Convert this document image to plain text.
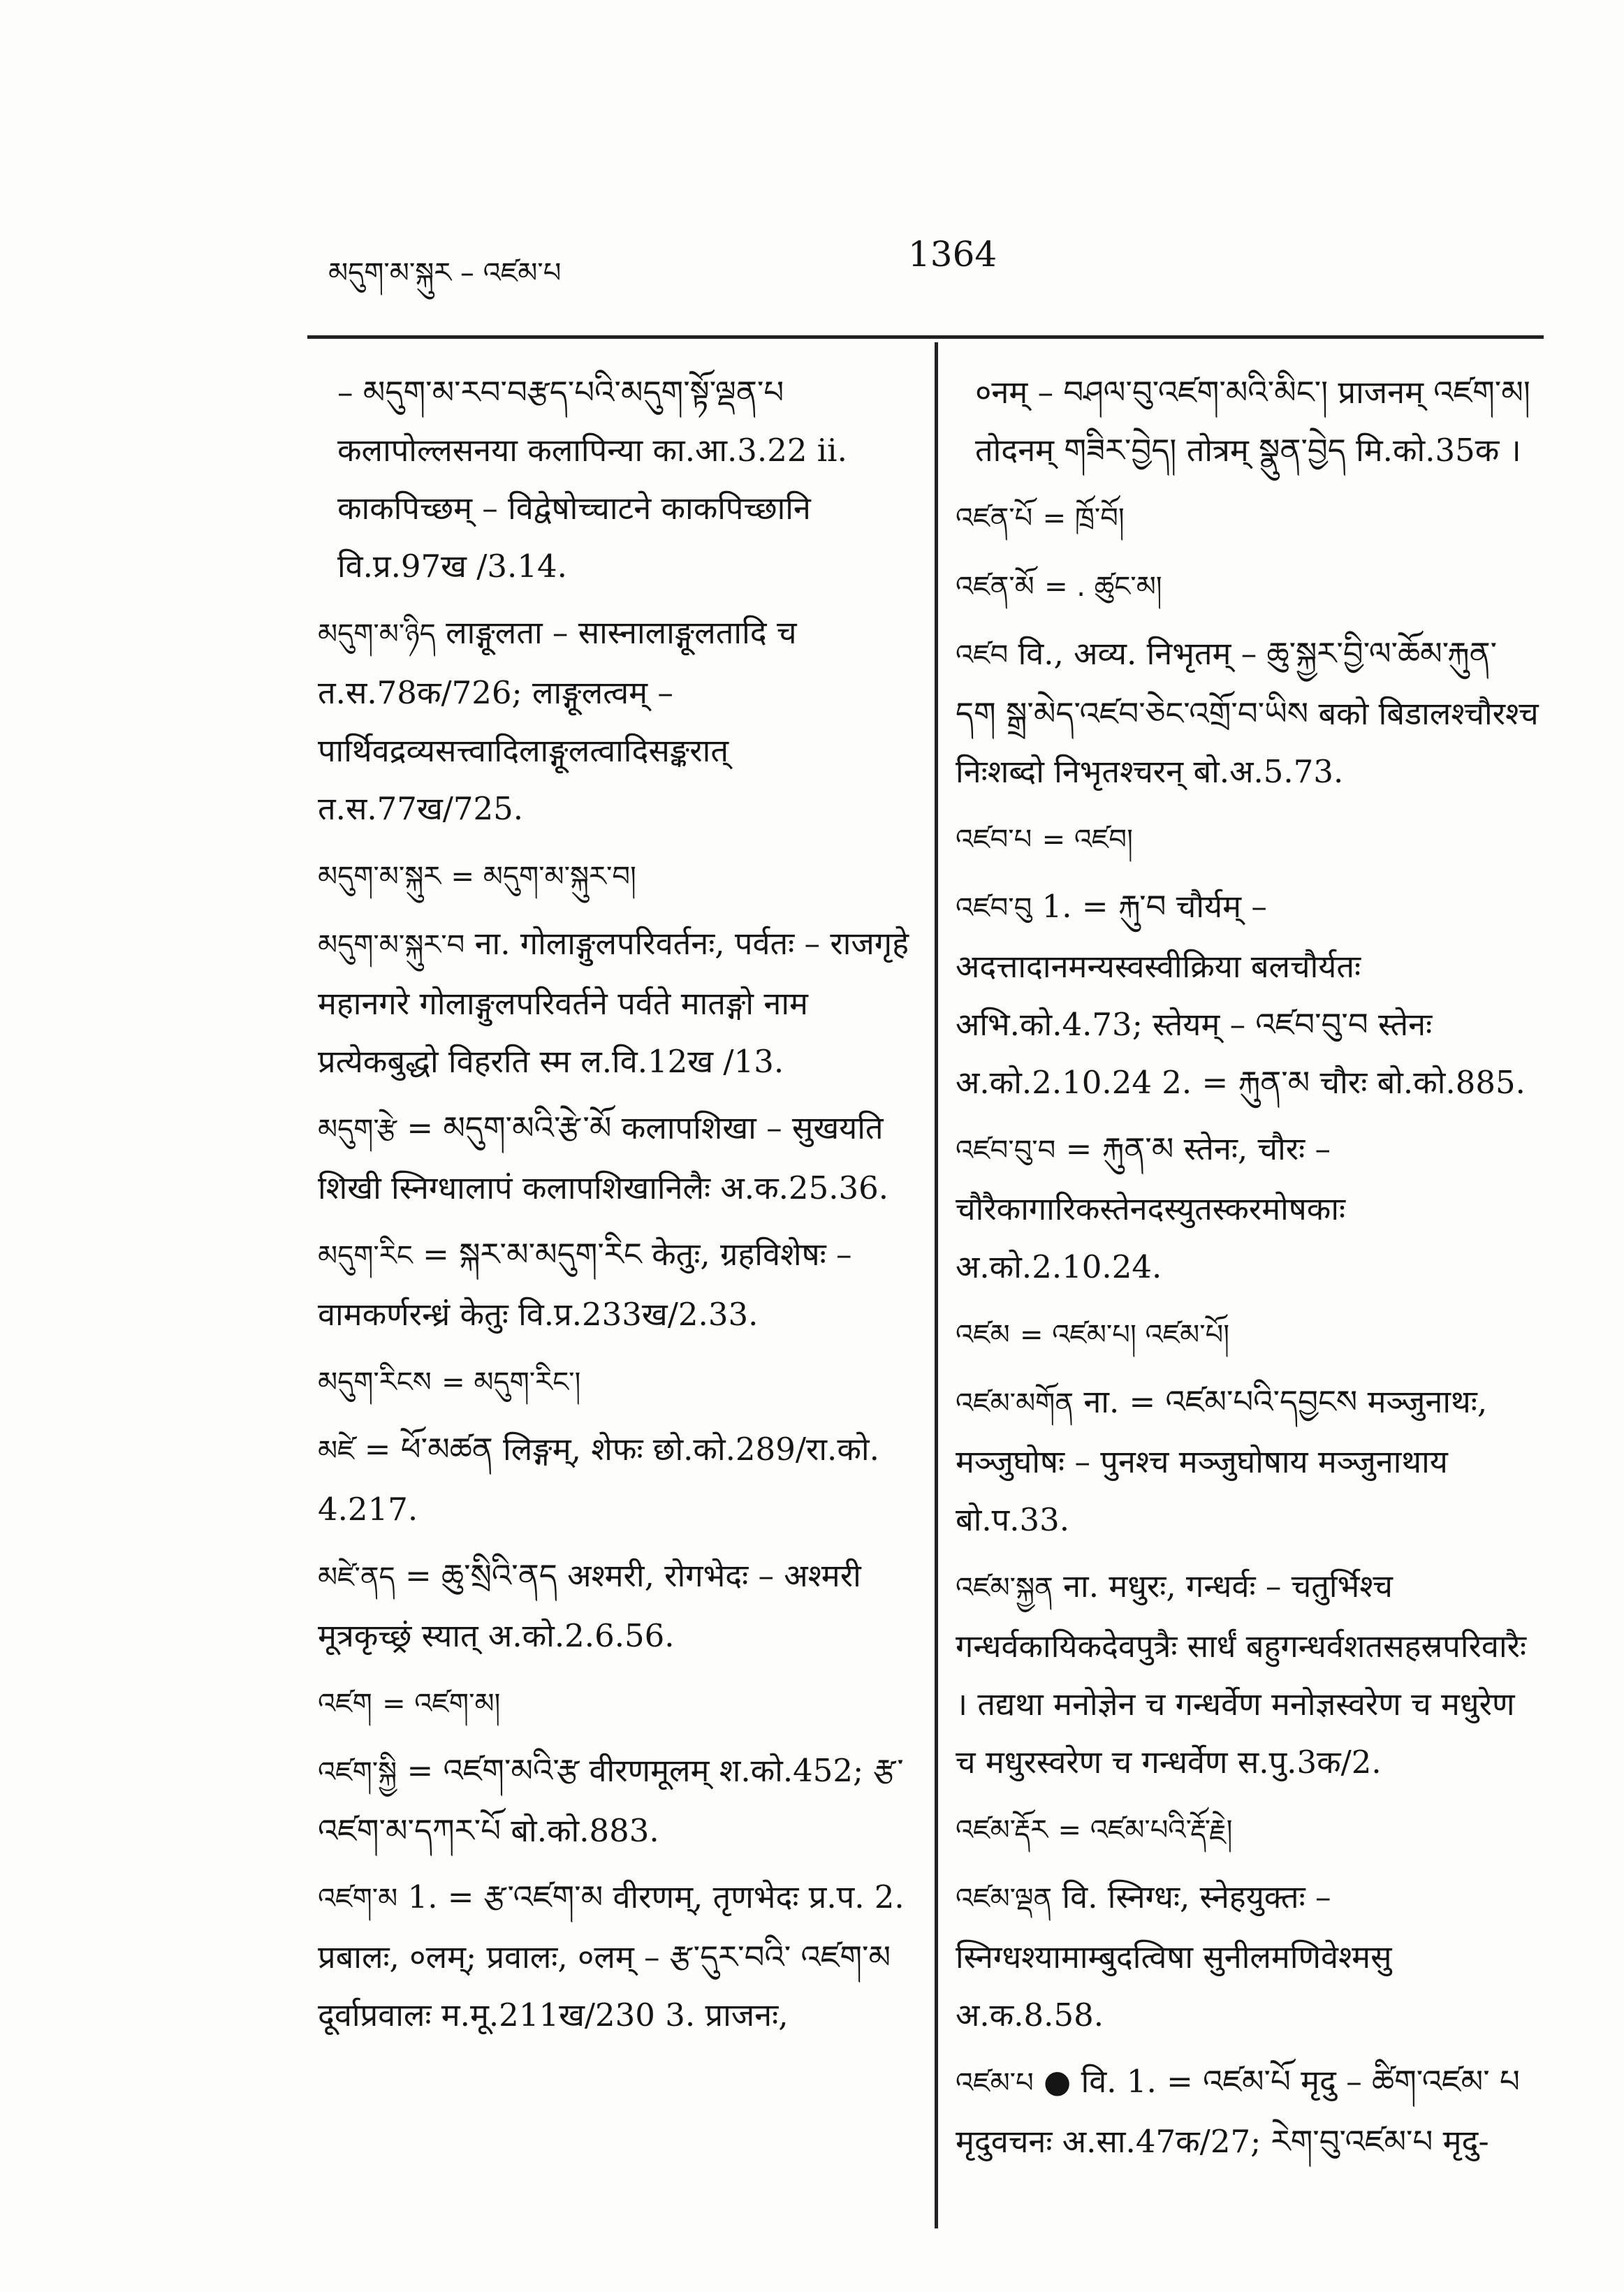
མདུག་མ་སྐུར – འཛམ་པ	1364
– མདུག་མ་རབ་བརྩད་པའི་མདུག་སྟོ་ལྡན་པ कलापोल्लसनया कलापिन्या का.आ.3.22 ii. काकपिच्छम् – विद्वेषोच्चाटने काकपिच्छानि वि.प्र.97ख /3.14.
མདུག་མ་ཉིད लाङ्गूलता – सास्नालाङ्गूलतादि च त.स.78क/726; लाङ्गूलत्वम् – पार्थिवद्रव्यसत्त्वादिलाङ्गूलत्वादिसङ्करात् त.स.77ख/725.
མདུག་མ་སྐུར = མདུག་མ་སྐུར་བ།
མདུག་མ་སྐུར་བ ना. गोलाङ्गुलपरिवर्तनः, पर्वतः – राजगृहे महानगरे गोलाङ्गुलपरिवर्तने पर्वते मातङ्गो नाम प्रत्येकबुद्धो विहरति स्म ल.वि.12ख /13.
མདུག་རྩེ = མདུག་མའི་རྩེ་མོ कलापशिखा – सुखयति शिखी स्निग्धालापं कलापशिखानिलैः अ.क.25.36.
མདུག་རིང = སྐར་མ་མདུག་རིང केतुः, ग्रहविशेषः – वामकर्णरन्ध्रं केतुः वि.प्र.233ख/2.33.
མདུག་རིངས = མདུག་རིང་།
མཛེ = ཕོ་མཚན लिङ्गम्, शेफः छो.को.289/रा.को. 4.217.
མཛེ་ནད = ཆུ་སྲིའི་ནད अश्मरी, रोगभेदः – अश्मरी मूत्रकृच्छ्रं स्यात् अ.को.2.6.56.
འཛག = འཛག་མ།
འཛག་སྐྱི = འཛག་མའི་རྩ वीरणमूलम् श.को.452; རྩ་ འཛག་མ་དཀར་པོ बो.को.883.
འཛག་མ 1. = རྩ་འཛག་མ वीरणम्, तृणभेदः प्र.प. 2. प्रबालः, ०लम्; प्रवालः, ०लम् – རྩ་དུར་བའི་ འཛག་མ दूर्वाप्रवालः म.मू.211ख/230 3. प्राजनः,
०नम् – བཤལ་བུ་འཛག་མའི་མིང་། प्राजनम् འཛག་མ། तोदनम् གཟིར་བྱེད། तोत्रम् སྣུན་བྱེད मि.को.35क ।
འཛན་པོ = ཁྲོ་བོ།
འཛན་མོ = . ཚུང་མ།
འཛབ वि., अव्य. निभृतम् – ཆུ་སྐྱར་བྱི་ལ་ཆོམ་རྐུན་ དག སྒྲ་མེད་འཛབ་ཅེང་འགྲོ་བ་ཡིས बको बिडालश्चौरश्च निःशब्दो निभृतश्चरन् बो.अ.5.73.
འཛབ་པ = འཛབ།
འཛབ་བུ 1. = རྐུ་བ चौर्यम् – अदत्तादानमन्यस्वस्वीक्रिया बलचौर्यतः अभि.को.4.73; स्तेयम् – འཛབ་བུ་བ स्तेनः अ.को.2.10.24 2. = རྐུན་མ चौरः बो.को.885.
འཛབ་བུ་བ = རྐུན་མ स्तेनः, चौरः – चौरैकागारिकस्तेनदस्युतस्करमोषकाः अ.को.2.10.24.
འཛམ = འཛམ་པ། འཛམ་པོ།
འཛམ་མགོན ना. = འཛམ་པའི་དབྱངས मञ्जुनाथः, मञ्जुघोषः – पुनश्च मञ्जुघोषाय मञ्जुनाथाय बो.प.33.
འཛམ་སྐྱན ना. मधुरः, गन्धर्वः – चतुर्भिश्च गन्धर्वकायिकदेवपुत्रैः सार्धं बहुगन्धर्वशतसहस्रपरिवारैः । तद्यथा मनोज्ञेन च गन्धर्वेण मनोज्ञस्वरेण च मधुरेण च मधुरस्वरेण च गन्धर्वेण स.पु.3क/2.
འཛམ་རྡོར = འཛམ་པའི་རྡོ་རྗེ།
འཛམ་ལྡན वि. स्निग्धः, स्नेहयुक्तः – स्निग्धश्यामाम्बुदत्विषा सुनीलमणिवेश्मसु अ.क.8.58.
འཛམ་པ ● वि. 1. = འཛམ་པོ मृदु – ཚིག་འཛམ་ པ मृदुवचनः अ.सा.47क/27; རེག་བུ་འཛམ་པ मृदु-
